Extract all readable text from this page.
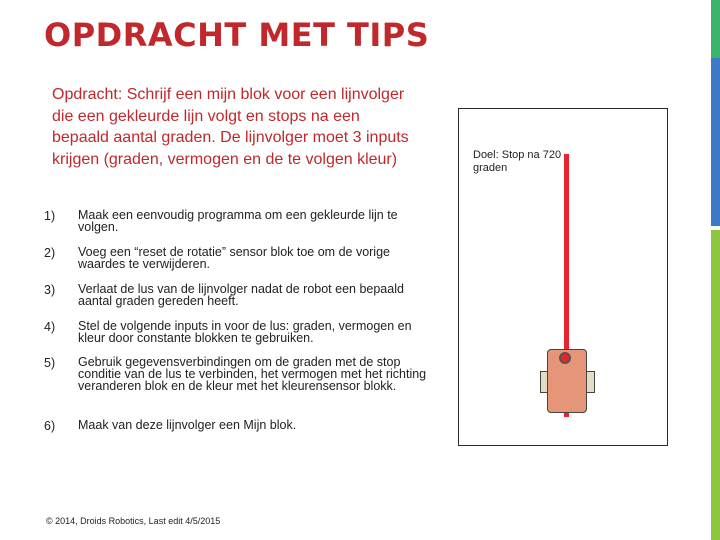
OPDRACHT MET TIPS
Opdracht: Schrijf een mijn blok voor een lijnvolger die een gekleurde lijn volgt en stops na een bepaald aantal graden. De lijnvolger moet 3 inputs krijgen (graden, vermogen en de te volgen kleur)
1) Maak een eenvoudig programma om een gekleurde lijn te volgen.
2) Voeg een “reset de rotatie” sensor blok toe om de vorige waardes te verwijderen.
3) Verlaat de lus van de lijnvolger nadat de robot een bepaald aantal graden gereden heeft.
4) Stel de volgende inputs in voor de lus: graden, vermogen en kleur door constante blokken te gebruiken.
5) Gebruik gegevensverbindingen om de graden met de stop conditie van de lus te verbinden, het vermogen met het richting veranderen blok en de kleur met het kleurensensor blokk.
6) Maak van deze lijnvolger een Mijn blok.
© 2014, Droids Robotics, Last edit 4/5/2015
Doel: Stop na 720 graden
